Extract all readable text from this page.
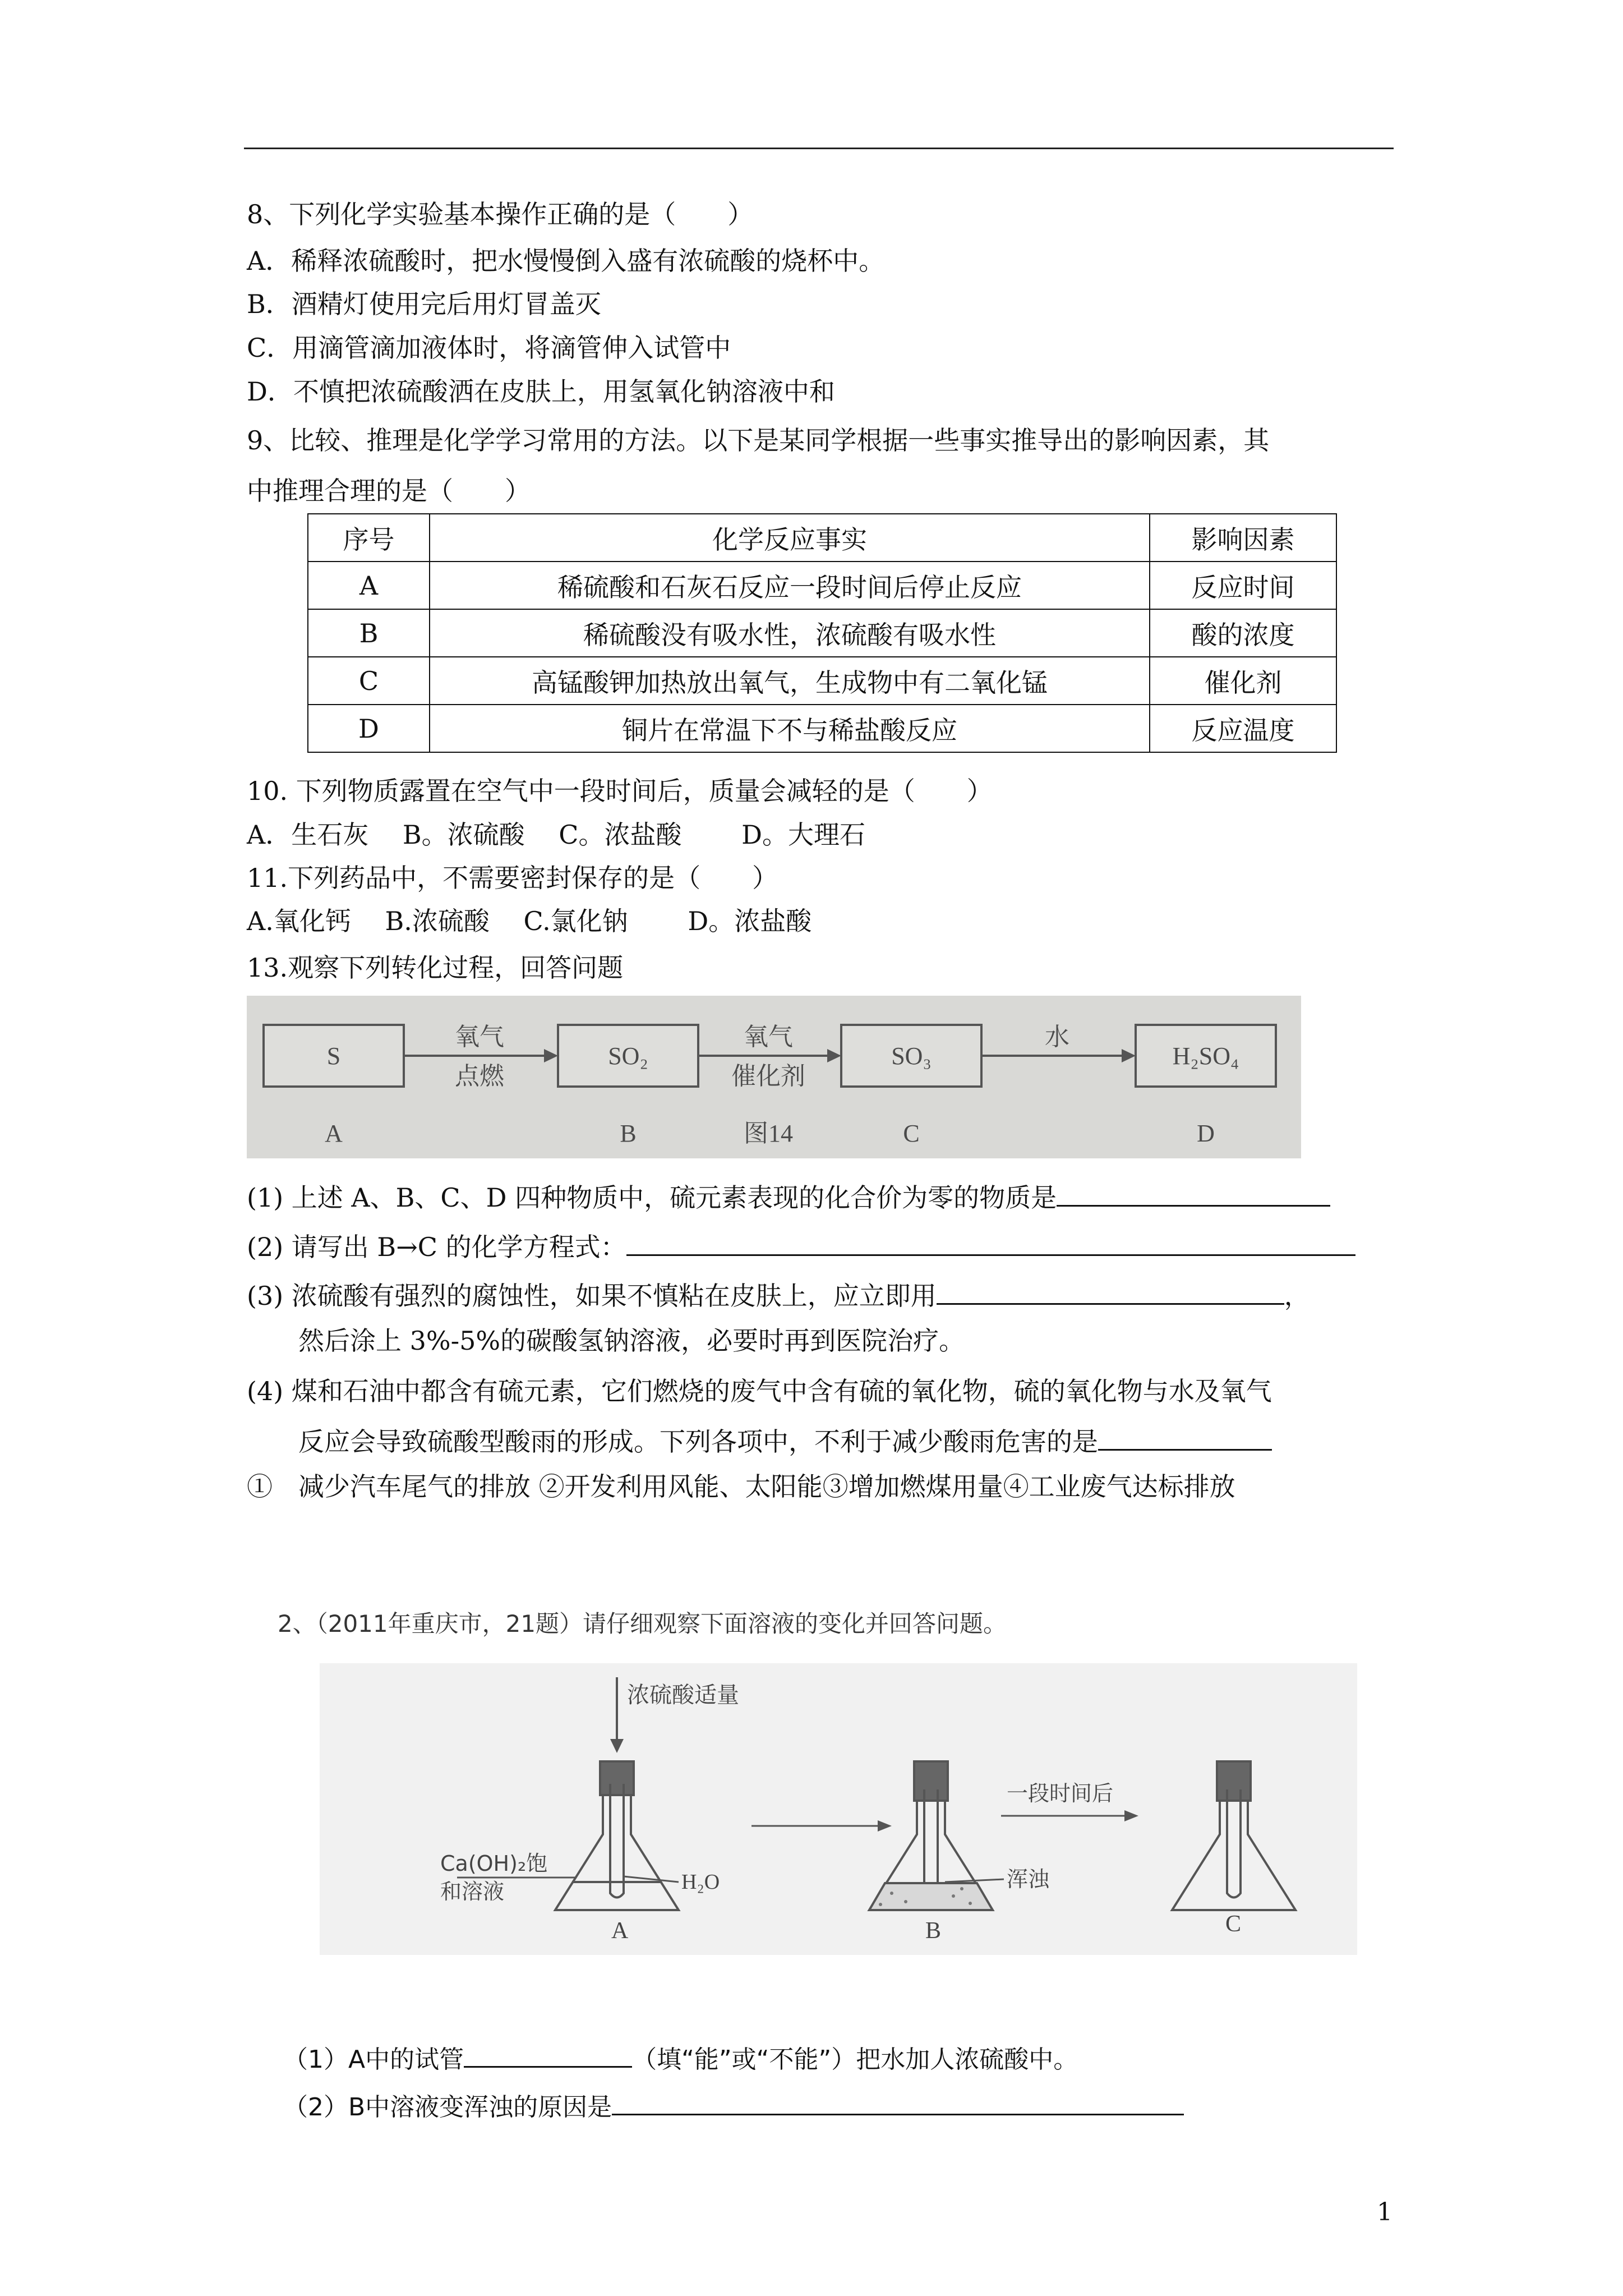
8、下列化学实验基本操作正确的是（　　）
A．稀释浓硫酸时，把水慢慢倒入盛有浓硫酸的烧杯中。
B．酒精灯使用完后用灯冒盖灭
C．用滴管滴加液体时，将滴管伸入试管中
D．不慎把浓硫酸洒在皮肤上，用氢氧化钠溶液中和
9、比较、推理是化学学习常用的方法。以下是某同学根据一些事实推导出的影响因素，其
中推理合理的是（　　）
序号	化学反应事实	影响因素
A	稀硫酸和石灰石反应一段时间后停止反应	反应时间
B	稀硫酸没有吸水性，浓硫酸有吸水性	酸的浓度
C	高锰酸钾加热放出氧气，生成物中有二氧化锰	催化剂
D	铜片在常温下不与稀盐酸反应	反应温度
10. 下列物质露置在空气中一段时间后，质量会减轻的是（　　）
A．生石灰　 B。浓硫酸　 C。浓盐酸　　 D。大理石
11.下列药品中，不需要密封保存的是（　　）
A.氧化钙　 B.浓硫酸　 C.氯化钠　　 D。浓盐酸
13.观察下列转化过程，回答问题
S	SO₂	SO₃	H₂SO₄
氧气
点燃
氧气
催化剂
水
A	B	C	D
图14
(1) 上述 A、B、C、D 四种物质中，硫元素表现的化合价为零的物质是
(2) 请写出 B→C 的化学方程式：
(3) 浓硫酸有强烈的腐蚀性，如果不慎粘在皮肤上，应立即用	，
然后涂上 3%-5%的碳酸氢钠溶液，必要时再到医院治疗。
(4) 煤和石油中都含有硫元素，它们燃烧的废气中含有硫的氧化物，硫的氧化物与水及氧气
反应会导致硫酸型酸雨的形成。下列各项中，不利于减少酸雨危害的是
①　减少汽车尾气的排放 ②开发利用风能、太阳能③增加燃煤用量④工业废气达标排放
2、（2011年重庆市，21题）请仔细观察下面溶液的变化并回答问题。
浓硫酸适量
Ca(OH)₂饱
和溶液	H₂O
A
浑浊
B
一段时间后
C
（1）A中的试管	（填“能”或“不能”）把水加人浓硫酸中。
（2）B中溶液变浑浊的原因是
1
